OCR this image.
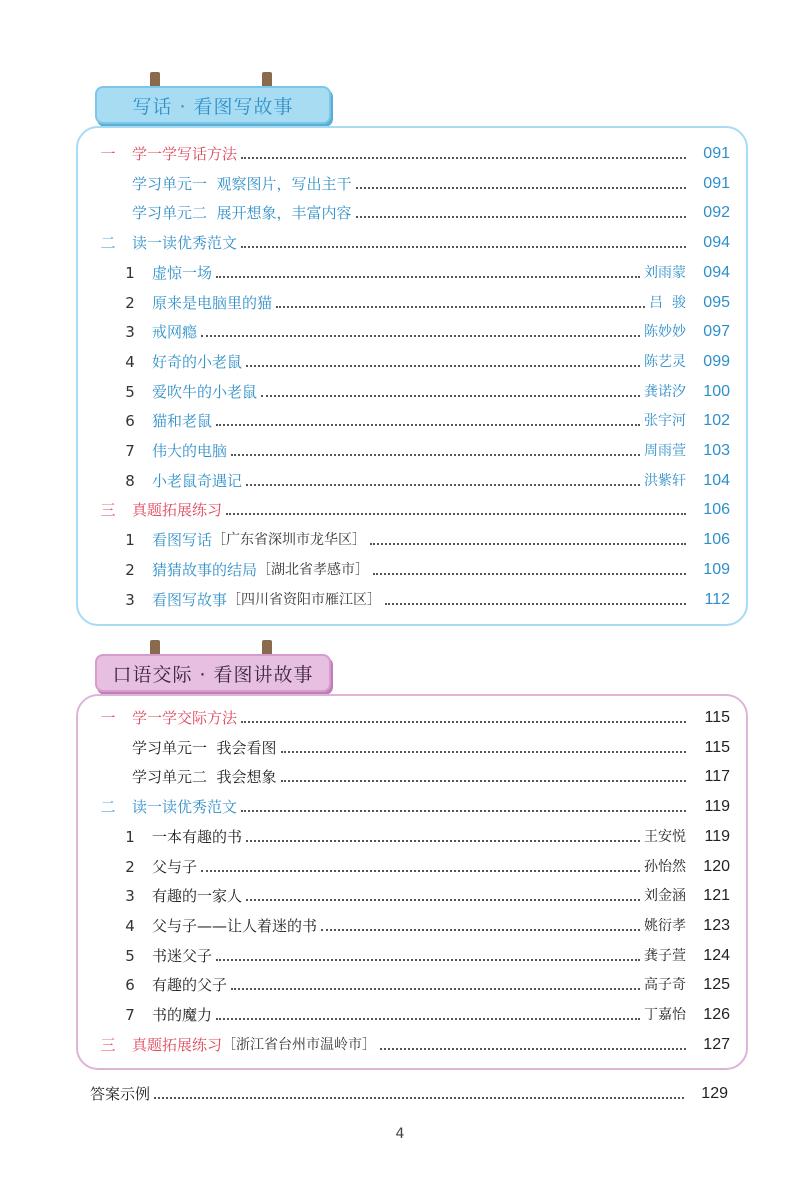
写话 · 看图写故事
一	学一学写话方法	091
学习单元一  观察图片，写出主干	091
学习单元二  展开想象，丰富内容	092
二	读一读优秀范文	094
1	虚惊一场	刘雨蒙	094
2	原来是电脑里的猫	吕  骏	095
3	戒网瘾	陈妙妙	097
4	好奇的小老鼠	陈艺灵	099
5	爱吹牛的小老鼠	龚诺汐	100
6	猫和老鼠	张宇河	102
7	伟大的电脑	周雨萱	103
8	小老鼠奇遇记	洪紫轩	104
三	真题拓展练习	106
1	看图写话 ［广东省深圳市龙华区］	106
2	猜猜故事的结局 ［湖北省孝感市］	109
3	看图写故事 ［四川省资阳市雁江区］	112
口语交际 · 看图讲故事
一	学一学交际方法	115
学习单元一  我会看图	115
学习单元二  我会想象	117
二	读一读优秀范文	119
1	一本有趣的书	王安悦	119
2	父与子	孙怡然	120
3	有趣的一家人	刘金涵	121
4	父与子——让人着迷的书	姚衍孝	123
5	书迷父子	龚子萱	124
6	有趣的父子	高子奇	125
7	书的魔力	丁嘉怡	126
三	真题拓展练习 ［浙江省台州市温岭市］	127
答案示例	129
4
